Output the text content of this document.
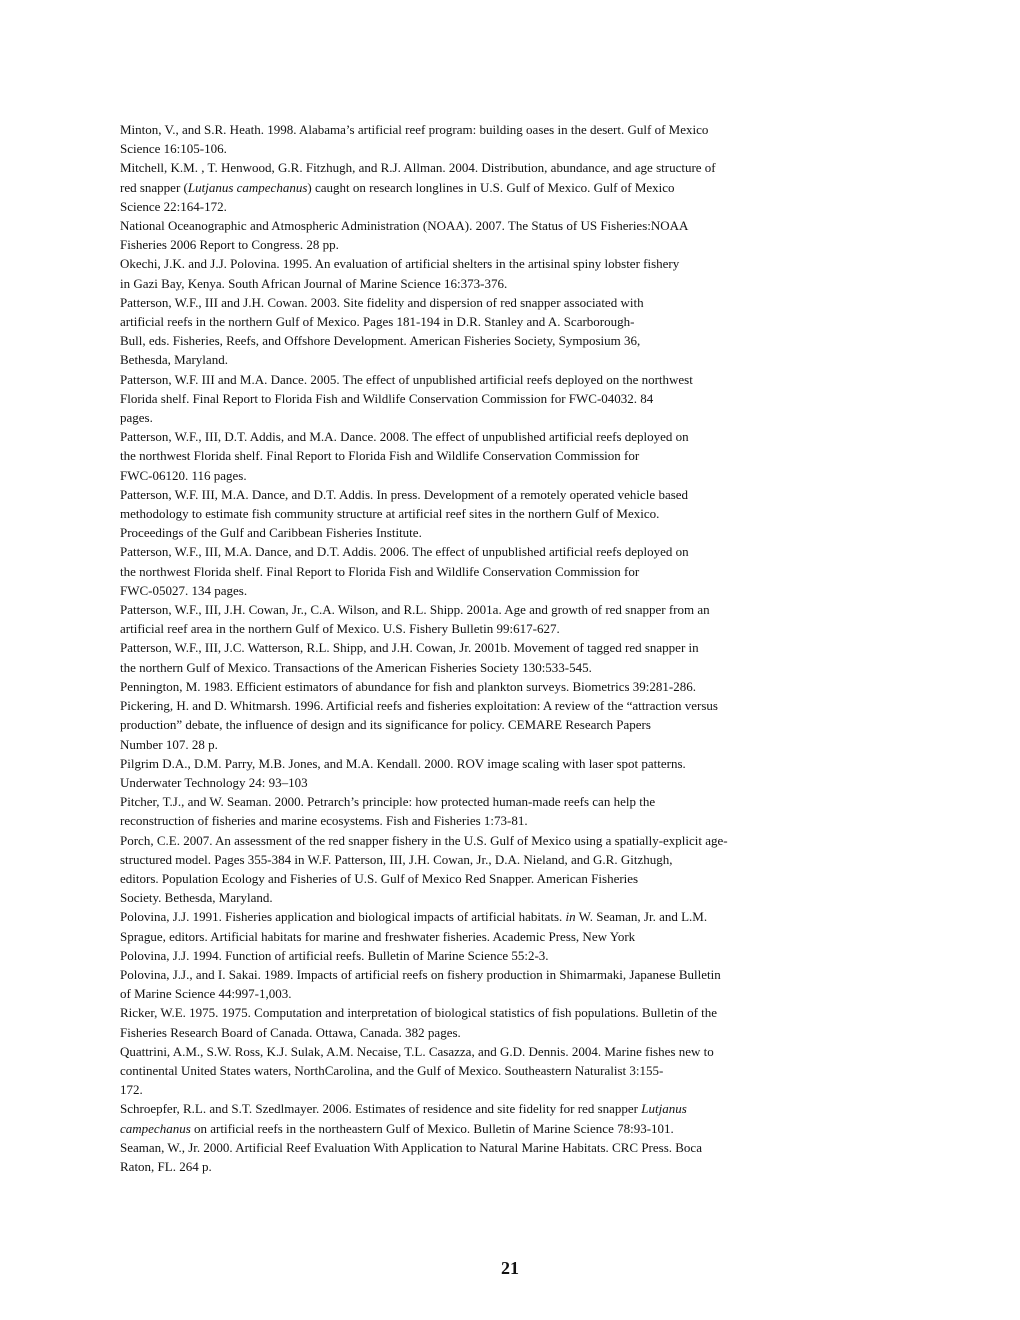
Minton, V., and S.R. Heath. 1998. Alabama’s artificial reef program: building oases in the desert. Gulf of Mexico
Science 16:105-106.
Mitchell, K.M. , T. Henwood, G.R. Fitzhugh, and R.J. Allman. 2004. Distribution, abundance, and age structure of
red snapper (Lutjanus campechanus) caught on research longlines in U.S. Gulf of Mexico. Gulf of Mexico
Science 22:164-172.
National Oceanographic and Atmospheric Administration (NOAA). 2007. The Status of US Fisheries:NOAA
Fisheries 2006 Report to Congress. 28 pp.
Okechi, J.K. and J.J. Polovina. 1995. An evaluation of artificial shelters in the artisinal spiny lobster fishery
in Gazi Bay, Kenya. South African Journal of Marine Science 16:373-376.
Patterson, W.F., III and J.H. Cowan. 2003. Site fidelity and dispersion of red snapper associated with
artificial reefs in the northern Gulf of Mexico. Pages 181-194 in D.R. Stanley and A. Scarborough-
Bull, eds. Fisheries, Reefs, and Offshore Development. American Fisheries Society, Symposium 36,
Bethesda, Maryland.
Patterson, W.F. III and M.A. Dance. 2005. The effect of unpublished artificial reefs deployed on the northwest
Florida shelf. Final Report to Florida Fish and Wildlife Conservation Commission for FWC-04032. 84
pages.
Patterson, W.F., III, D.T. Addis, and M.A. Dance. 2008. The effect of unpublished artificial reefs deployed on
the northwest Florida shelf. Final Report to Florida Fish and Wildlife Conservation Commission for
FWC-06120. 116 pages.
Patterson, W.F. III, M.A. Dance, and D.T. Addis. In press. Development of a remotely operated vehicle based
methodology to estimate fish community structure at artificial reef sites in the northern Gulf of Mexico.
Proceedings of the Gulf and Caribbean Fisheries Institute.
Patterson, W.F., III, M.A. Dance, and D.T. Addis. 2006. The effect of unpublished artificial reefs deployed on
the northwest Florida shelf. Final Report to Florida Fish and Wildlife Conservation Commission for
FWC-05027. 134 pages.
Patterson, W.F., III, J.H. Cowan, Jr., C.A. Wilson, and R.L. Shipp. 2001a. Age and growth of red snapper from an
artificial reef area in the northern Gulf of Mexico. U.S. Fishery Bulletin 99:617-627.
Patterson, W.F., III, J.C. Watterson, R.L. Shipp, and J.H. Cowan, Jr. 2001b. Movement of tagged red snapper in
the northern Gulf of Mexico. Transactions of the American Fisheries Society 130:533-545.
Pennington, M. 1983. Efficient estimators of abundance for fish and plankton surveys. Biometrics 39:281-286.
Pickering, H. and D. Whitmarsh. 1996. Artificial reefs and fisheries exploitation: A review of the “attraction versus
production” debate, the influence of design and its significance for policy. CEMARE Research Papers
Number 107. 28 p.
Pilgrim D.A., D.M. Parry, M.B. Jones, and M.A. Kendall. 2000. ROV image scaling with laser spot patterns.
Underwater Technology 24: 93–103
Pitcher, T.J., and W. Seaman. 2000. Petrarch’s principle: how protected human-made reefs can help the
reconstruction of fisheries and marine ecosystems. Fish and Fisheries 1:73-81.
Porch, C.E. 2007. An assessment of the red snapper fishery in the U.S. Gulf of Mexico using a spatially-explicit age-
structured model. Pages 355-384 in W.F. Patterson, III, J.H. Cowan, Jr., D.A. Nieland, and G.R. Gitzhugh,
editors. Population Ecology and Fisheries of U.S. Gulf of Mexico Red Snapper. American Fisheries
Society. Bethesda, Maryland.
Polovina, J.J. 1991. Fisheries application and biological impacts of artificial habitats. in W. Seaman, Jr. and L.M.
Sprague, editors. Artificial habitats for marine and freshwater fisheries. Academic Press, New York
Polovina, J.J. 1994. Function of artificial reefs. Bulletin of Marine Science 55:2-3.
Polovina, J.J., and I. Sakai. 1989. Impacts of artificial reefs on fishery production in Shimarmaki, Japanese Bulletin
of Marine Science 44:997-1,003.
Ricker, W.E. 1975. 1975. Computation and interpretation of biological statistics of fish populations. Bulletin of the
Fisheries Research Board of Canada. Ottawa, Canada. 382 pages.
Quattrini, A.M., S.W. Ross, K.J. Sulak, A.M. Necaise, T.L. Casazza, and G.D. Dennis. 2004. Marine fishes new to
continental United States waters, NorthCarolina, and the Gulf of Mexico. Southeastern Naturalist 3:155-
172.
Schroepfer, R.L. and S.T. Szedlmayer. 2006. Estimates of residence and site fidelity for red snapper Lutjanus
campechanus on artificial reefs in the northeastern Gulf of Mexico. Bulletin of Marine Science 78:93-101.
Seaman, W., Jr. 2000. Artificial Reef Evaluation With Application to Natural Marine Habitats. CRC Press. Boca
Raton, FL. 264 p.
21
